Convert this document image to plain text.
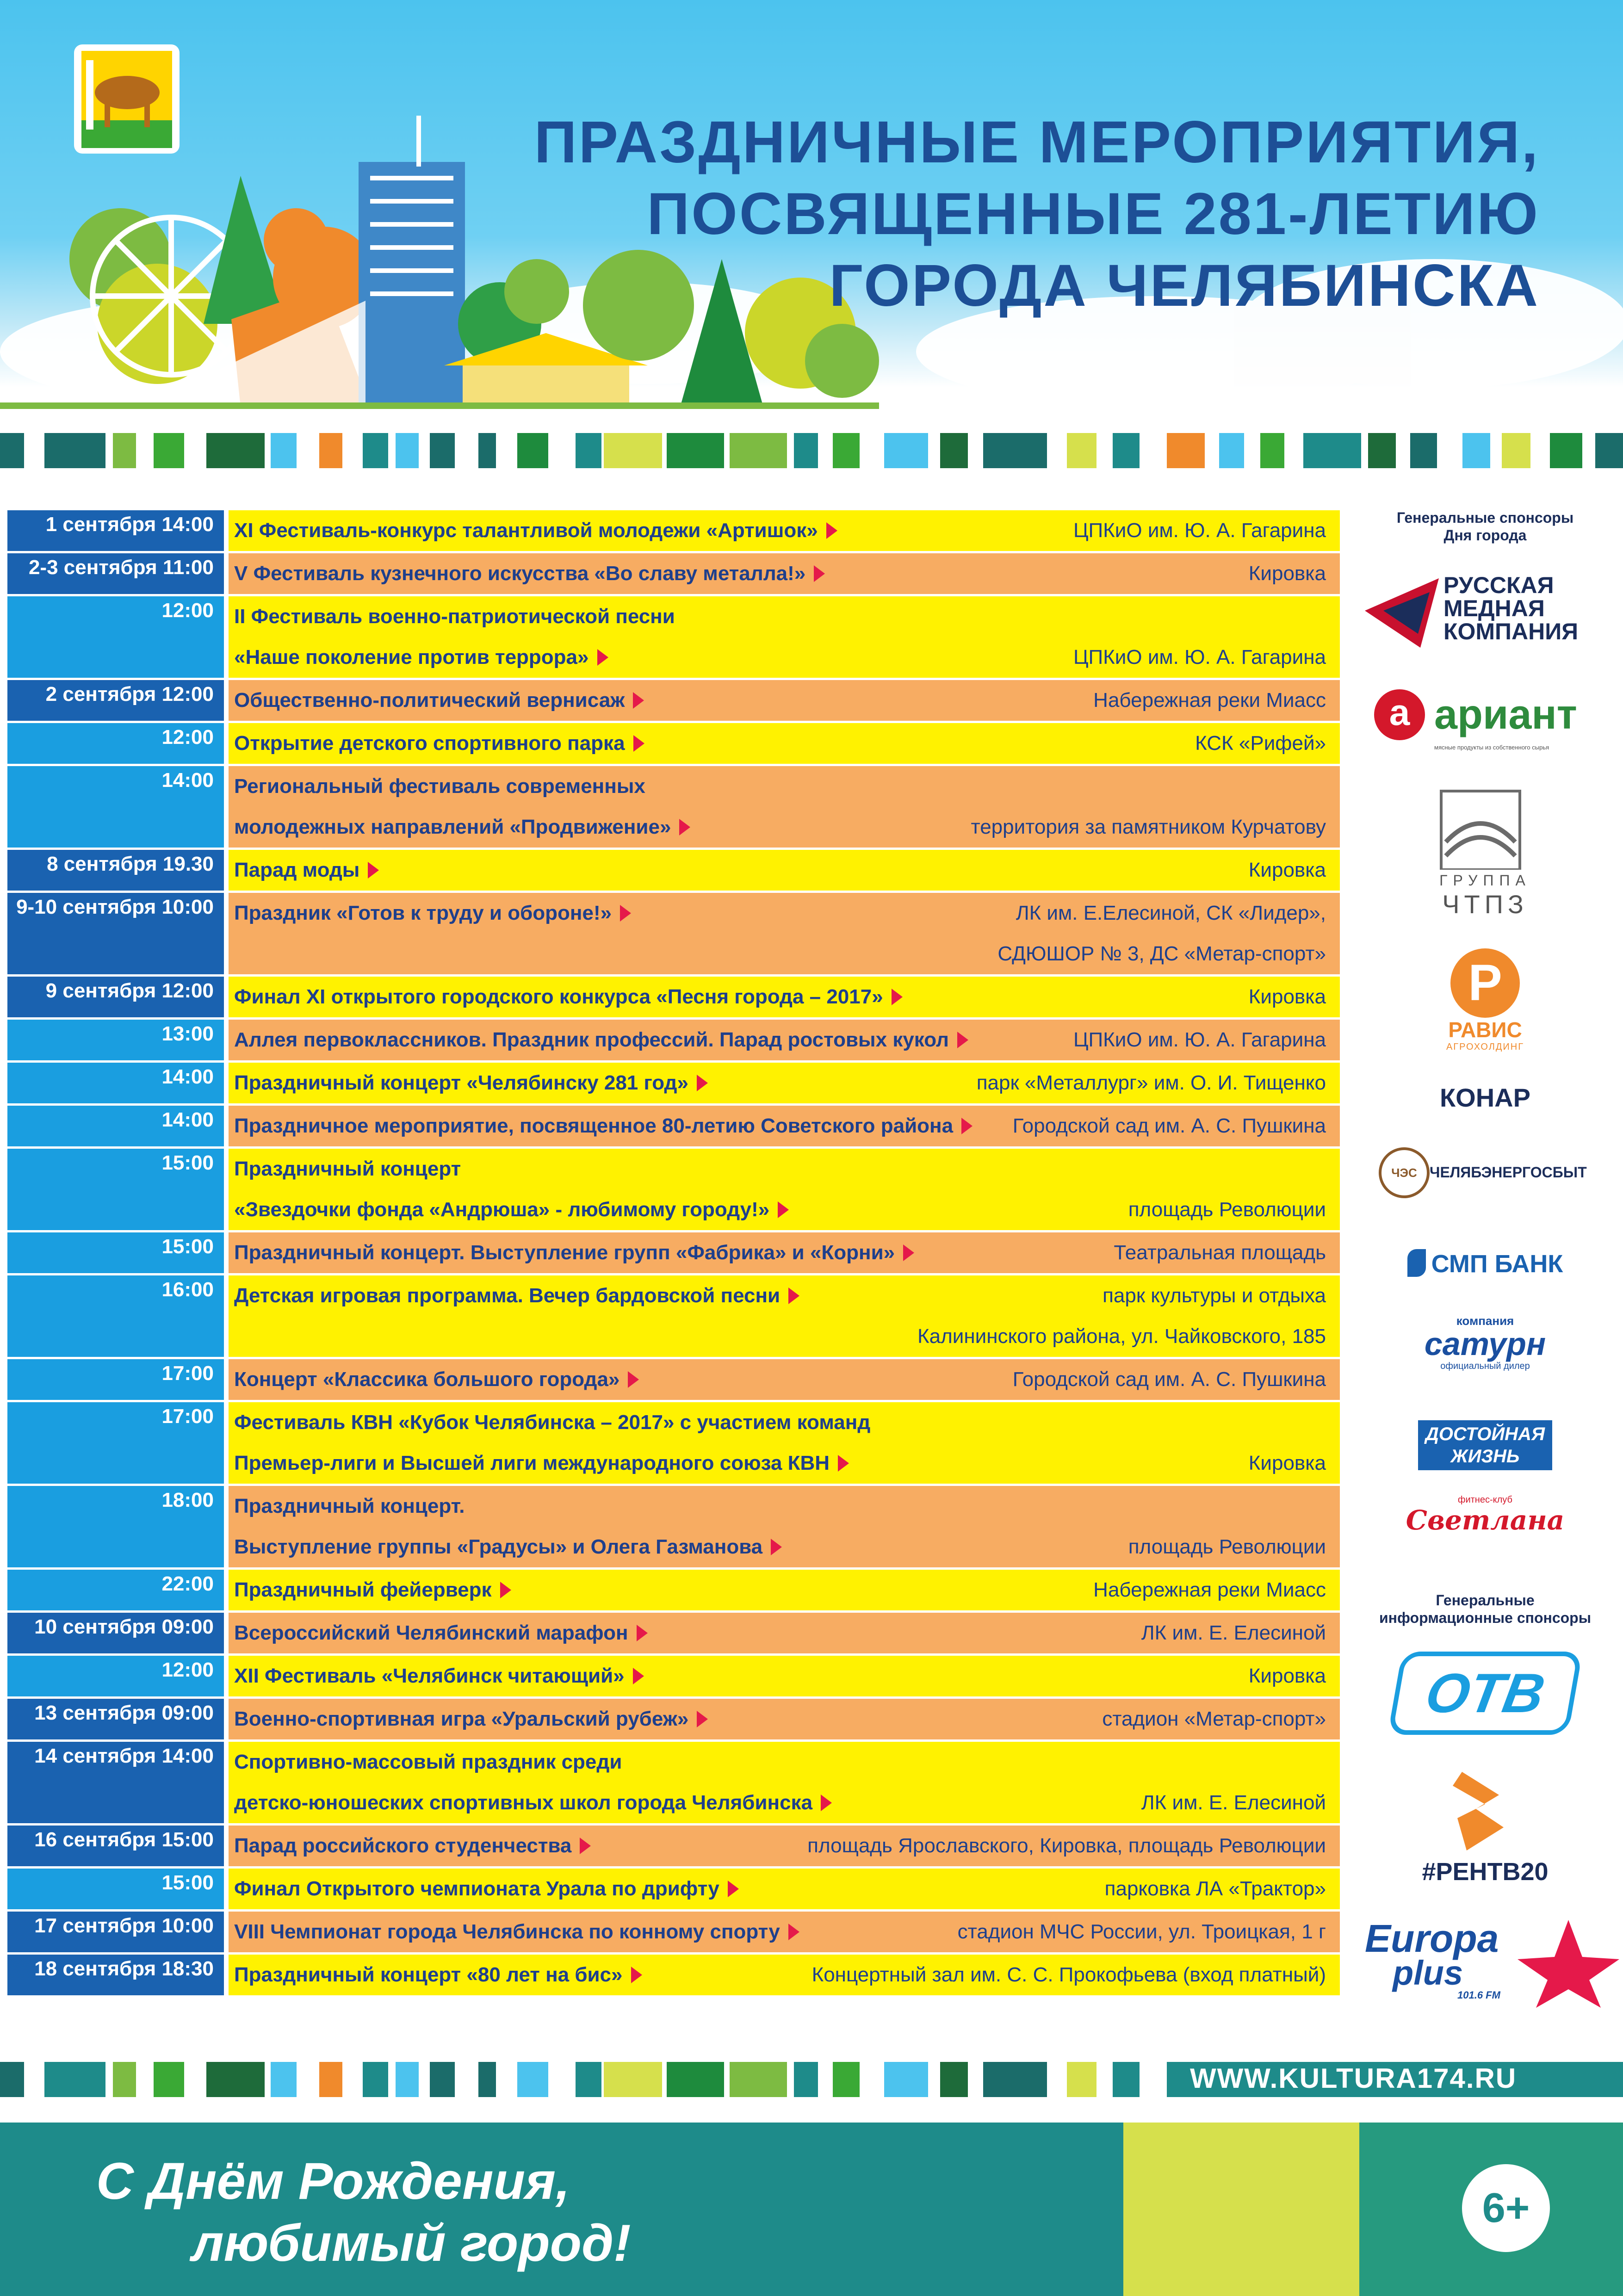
ПРАЗДНИЧНЫЕ МЕРОПРИЯТИЯ,
ПОСВЯЩЕННЫЕ 281-ЛЕТИЮ
ГОРОДА ЧЕЛЯБИНСКА
1 сентября 14:00	XI Фестиваль-конкурс талантливой молодежи «Артишок»	ЦПКиО им. Ю. А. Гагарина
2-3 сентября 11:00	V Фестиваль кузнечного искусства «Во славу металла!»	Кировка
12:00	II Фестиваль военно-патриотической песни
«Наше поколение против террора»	ЦПКиО им. Ю. А. Гагарина
2 сентября 12:00	Общественно-политический вернисаж	Набережная реки Миасс
12:00	Открытие детского спортивного парка	КСК «Рифей»
14:00	Региональный фестиваль современных
молодежных направлений «Продвижение»	территория за памятником Курчатову
8 сентября 19.30	Парад моды	Кировка
9-10 сентября 10:00	Праздник «Готов к труду и обороне!»	ЛК им. Е.Елесиной, СК «Лидер»,
СДЮШОР № 3, ДС «Метар-спорт»
9 сентября 12:00	Финал XI открытого городского конкурса «Песня города – 2017»	Кировка
13:00	Аллея первоклассников. Праздник профессий. Парад ростовых кукол	ЦПКиО им. Ю. А. Гагарина
14:00	Праздничный концерт «Челябинску 281 год»	парк «Металлург» им. О. И. Тищенко
14:00	Праздничное мероприятие, посвященное 80-летию Советского района	Городской сад им. А. С. Пушкина
15:00	Праздничный концерт
«Звездочки фонда «Андрюша» - любимому городу!»	площадь Революции
15:00	Праздничный концерт. Выступление групп «Фабрика» и «Корни»	Театральная площадь
16:00	Детская игровая программа. Вечер бардовской песни	парк культуры и отдыха
Калининского района, ул. Чайковского, 185
17:00	Концерт «Классика большого города»	Городской сад им. А. С. Пушкина
17:00	Фестиваль КВН «Кубок Челябинска – 2017» с участием команд
Премьер-лиги и Высшей лиги международного союза КВН	Кировка
18:00	Праздничный концерт.
Выступление группы «Градусы» и Олега Газманова	площадь Революции
22:00	Праздничный фейерверк	Набережная реки Миасс
10 сентября 09:00	Всероссийский Челябинский марафон	ЛК им. Е. Елесиной
12:00	XII Фестиваль «Челябинск читающий»	Кировка
13 сентября 09:00	Военно-спортивная игра «Уральский рубеж»	стадион «Метар-спорт»
14 сентября 14:00	Спортивно-массовый праздник среди
детско-юношеских спортивных школ города Челябинска	ЛК им. Е. Елесиной
16 сентября 15:00	Парад российского студенчества	площадь Ярославского, Кировка, площадь Революции
15:00	Финал Открытого чемпионата Урала по дрифту	парковка ЛА «Трактор»
17 сентября 10:00	VIII Чемпионат города Челябинска по конному спорту	стадион МЧС России, ул. Троицкая, 1 г
18 сентября 18:30	Праздничный концерт «80 лет на бис»	Концертный зал им. С. С. Прокофьева (вход платный)
Генеральные спонсоры
Дня города
РУССКАЯ
МЕДНАЯ
КОМПАНИЯ
a ариант
мясные продукты из собственного сырья
ГРУППА
ЧТПЗ
Р
РАВИС
АГРОХОЛДИНГ
КОНАР
ЧЭС ЧЕЛЯБЭНЕРГОСБЫТ
СМП БАНК
компания
сатурн
официальный дилер
ДОСТОЙНАЯ
ЖИЗНЬ
фитнес-клуб
Светлана
Генеральные
информационные спонсоры
ОТВ
#РЕНТВ20
Europa
plus
101.6 FM
WWW.KULTURA174.RU
С Днём Рождения,
любимый город!
6+
